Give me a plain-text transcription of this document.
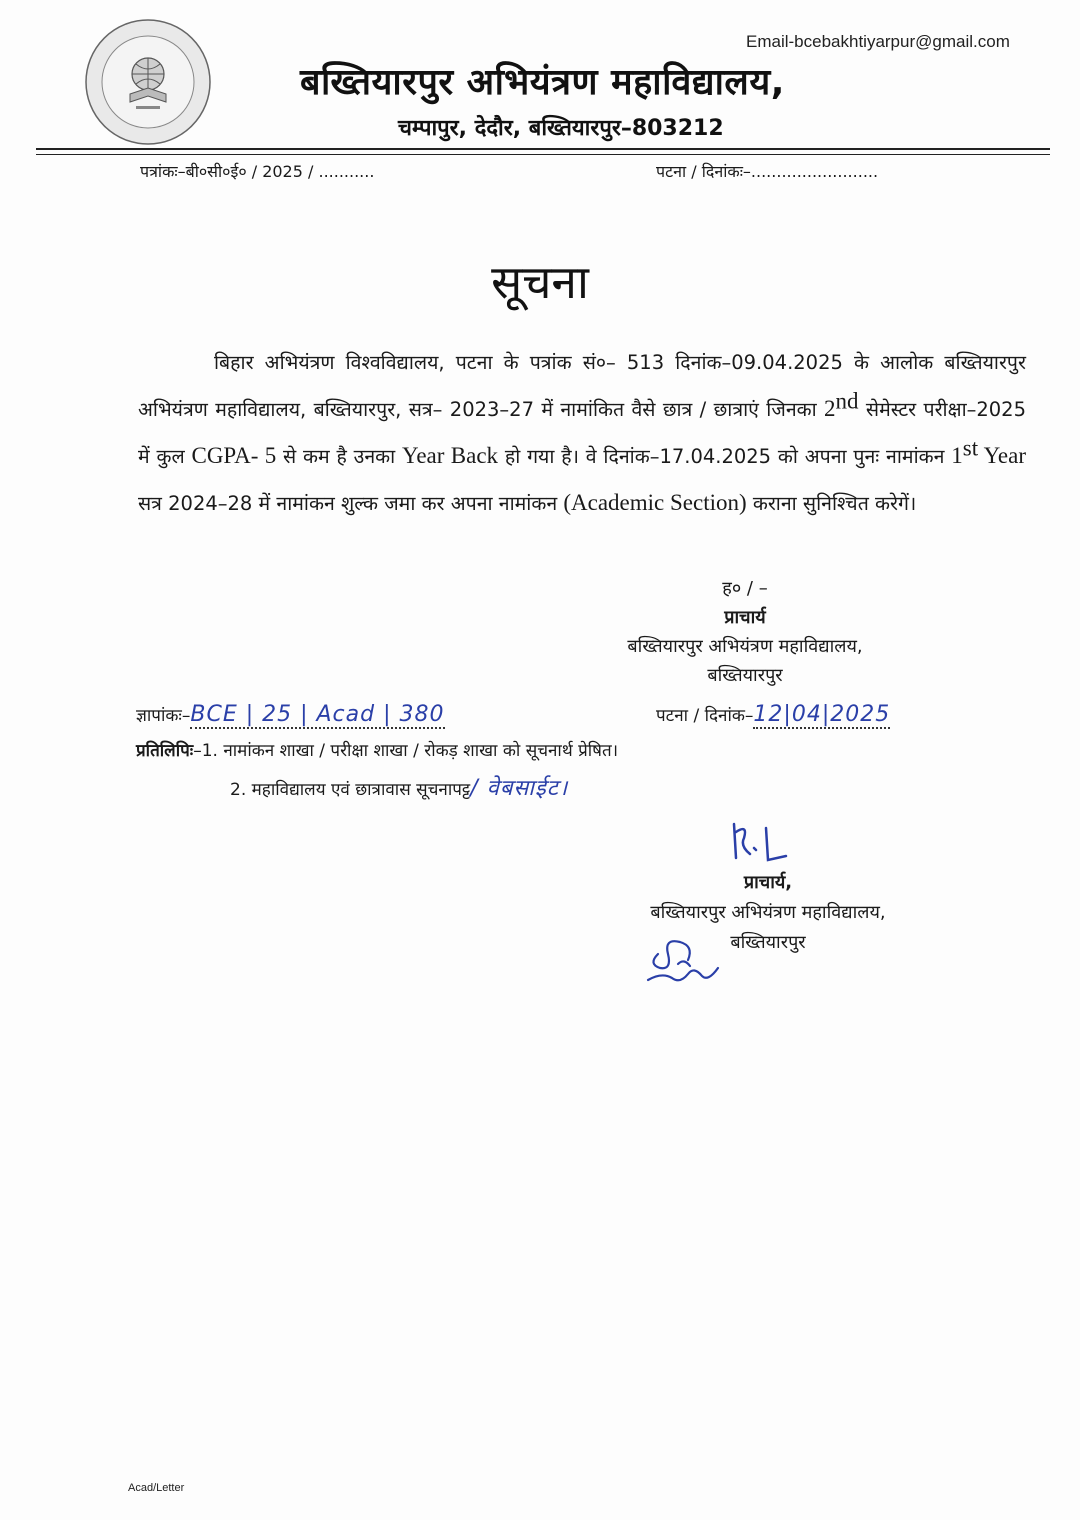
Email-bcebakhtiyarpur@gmail.com
बख्तियारपुर अभियंत्रण महाविद्यालय,
चम्पापुर, देदौर, बख्तियारपुर–803212
पत्रांकः–बी०सी०ई० / 2025 / ...........	पटना / दिनांकः–.........................
सूचना
बिहार अभियंत्रण विश्वविद्यालय, पटना के पत्रांक सं०– 513 दिनांक–09.04.2025 के आलोक बख्तियारपुर अभियंत्रण महाविद्यालय, बख्तियारपुर, सत्र– 2023–27 में नामांकित वैसे छात्र / छात्राएं जिनका 2nd सेमेस्टर परीक्षा–2025 में कुल CGPA- 5 से कम है उनका Year Back हो गया है। वे दिनांक–17.04.2025 को अपना पुनः नामांकन 1st Year सत्र 2024–28 में नामांकन शुल्क जमा कर अपना नामांकन (Academic Section) कराना सुनिश्चित करेगें।
ह० / –
प्राचार्य
बख्तियारपुर अभियंत्रण महाविद्यालय,
बख्तियारपुर
ज्ञापांकः–BCE | 25 | Acad | 380	पटना / दिनांक–12|04|2025
प्रतिलिपिः–1. नामांकन शाखा / परीक्षा शाखा / रोकड़ शाखा को सूचनार्थ प्रेषित।
2. महाविद्यालय एवं छात्रावास सूचनापट्ट/ वेबसाईट।
प्राचार्य,
बख्तियारपुर अभियंत्रण महाविद्यालय,
बख्तियारपुर
Acad/Letter
